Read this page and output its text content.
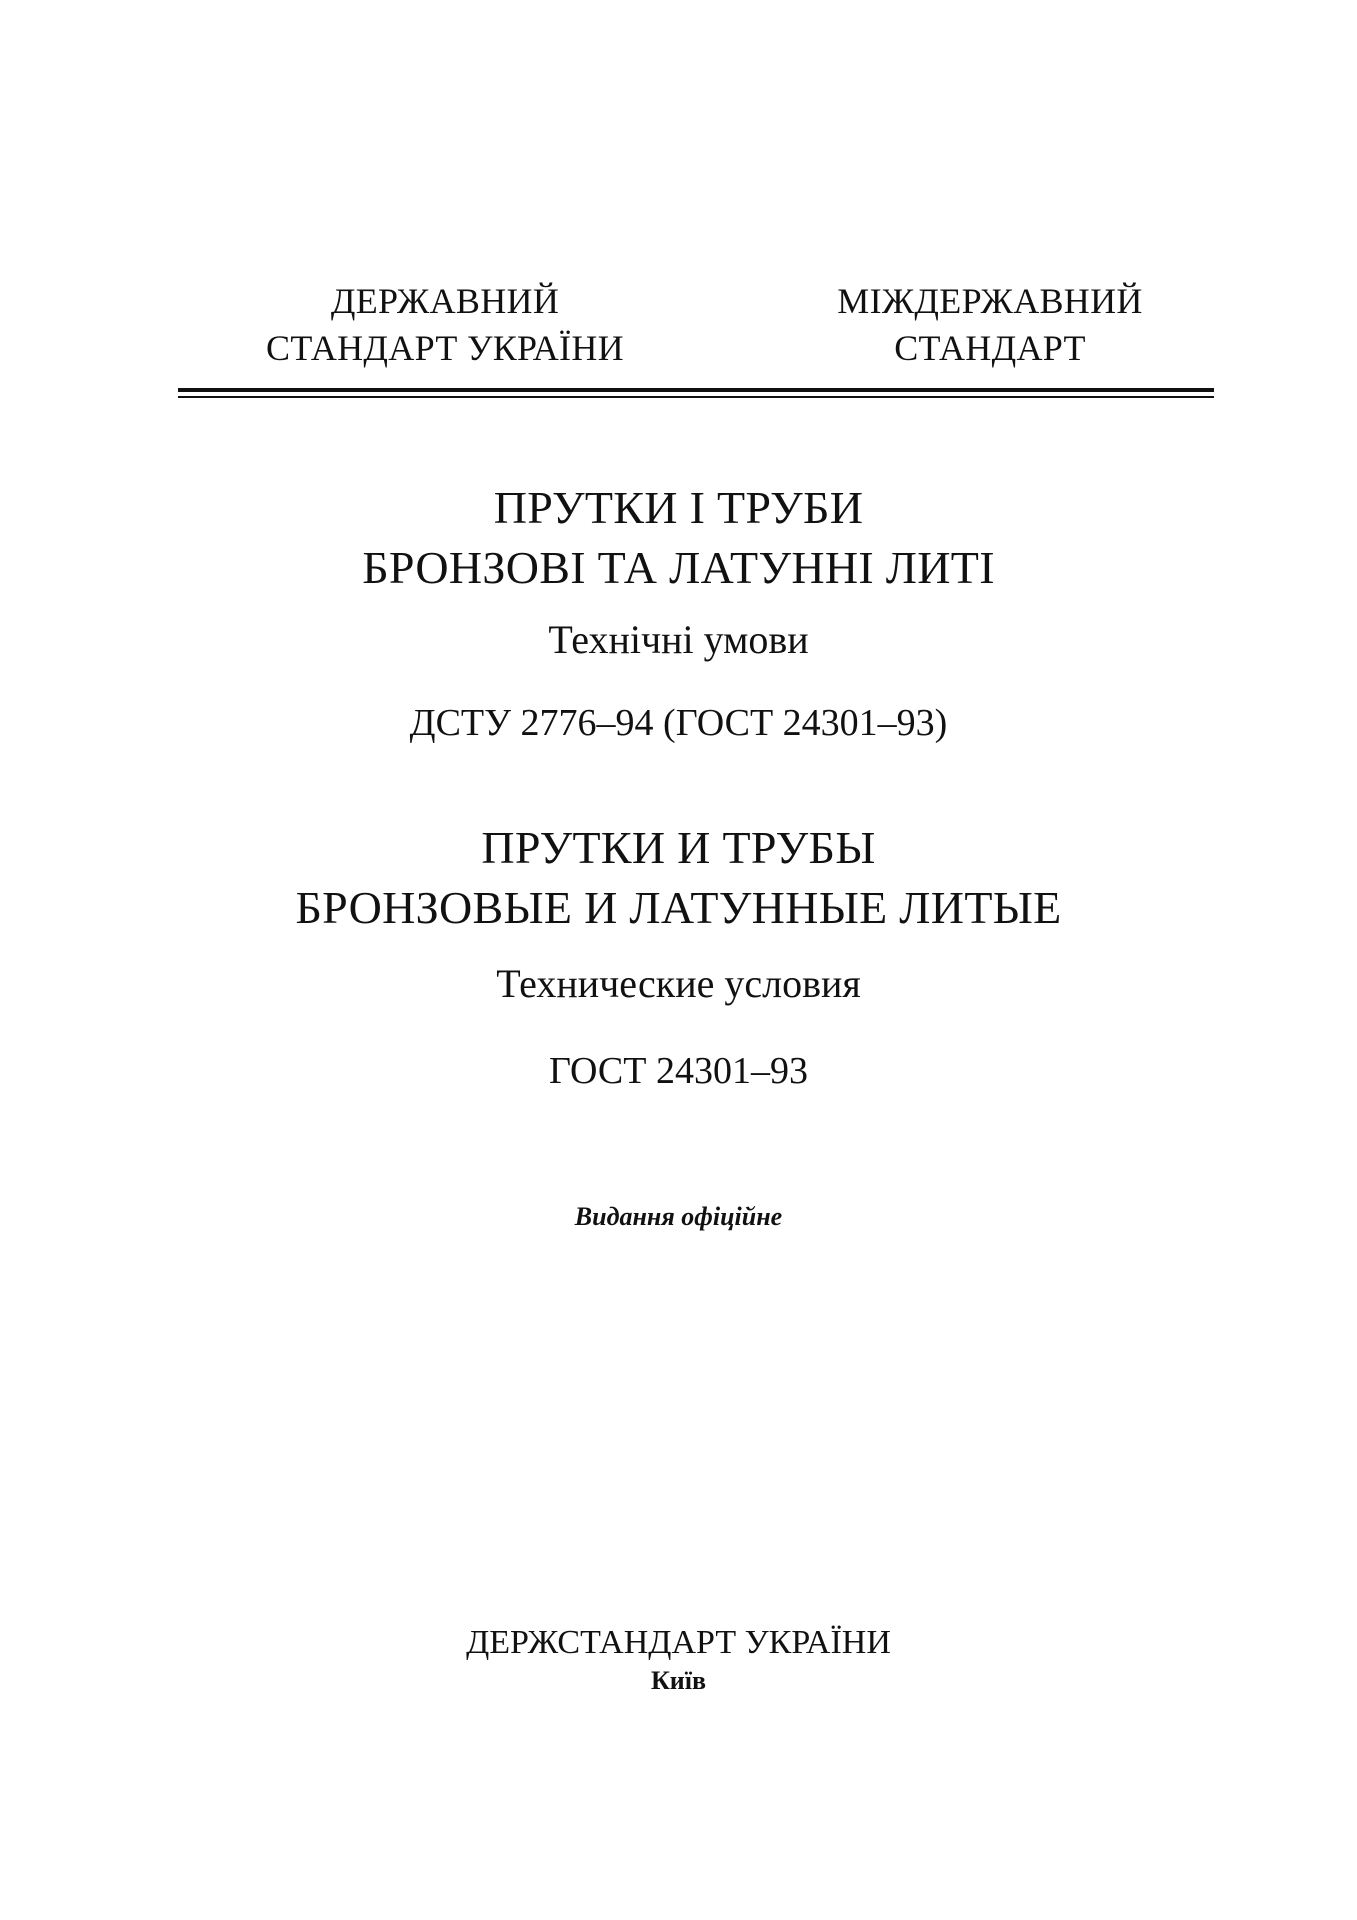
ДЕРЖАВНИЙ
СТАНДАРТ УКРАЇНИ
МІЖДЕРЖАВНИЙ
СТАНДАРТ
ПРУТКИ І ТРУБИ
БРОНЗОВІ ТА ЛАТУННІ ЛИТІ
Технічні умови
ДСТУ 2776–94 (ГОСТ 24301–93)
ПРУТКИ И ТРУБЫ
БРОНЗОВЫЕ И ЛАТУННЫЕ ЛИТЫЕ
Технические условия
ГОСТ 24301–93
Видання офіційне
ДЕРЖСТАНДАРТ УКРАЇНИ
Київ
